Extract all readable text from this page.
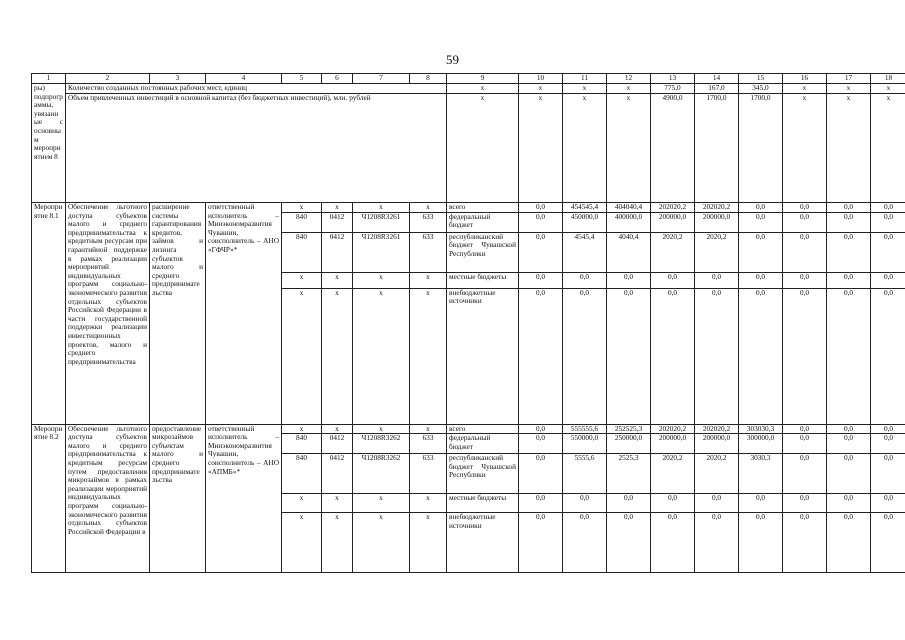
59
1	2	3	4	5	6	7	8	9	10	11	12	13	14	15	16	17	18
ры) подпрограммы, увязанные с основным мероприятием 8	Количество созданных постоянных рабочих мест, единиц							x	x	x	x	775,0	167,0	345,0	x	x	x
	Объем привлеченных инвестиций в основной капитал (без бюджетных инвестиций), млн. рублей							x	x	x	x	4900,0	1700,0	1700,0	x	x	x
Мероприятие 8.1	Обеспечение льготного доступа субъектов малого и среднего предпринимательства к кредитным ресурсам при гарантийной поддержке в рамках реализации мероприятий индивидуальных программ социально-экономического развития отдельных субъектов Российской Федерации в части государственной поддержки реализации инвестиционных проектов, малого и среднего предпринимательства	расширение системы гарантирования кредитов, займов и лизинга субъектов малого и среднего предпринимательства	ответственный исполнитель – Минэкономразвития Чувашии, соисполнитель – АНО «ГФЧР»*	x	x	x	x	всего	0,0	454545,4	404040,4	202020,2	202020,2	0,0	0,0	0,0	0,0
				840	0412	Ч1208R3261	633	федеральный бюджет	0,0	450000,0	400000,0	200000,0	200000,0	0,0	0,0	0,0	0,0
				840	0412	Ч1208R3261	633	республиканский бюджет Чувашской Республики	0,0	4545,4	4040,4	2020,2	2020,2	0,0	0,0	0,0	0,0
				x	x	x	x	местные бюджеты	0,0	0,0	0,0	0,0	0,0	0,0	0,0	0,0	0,0
				x	x	x	x	внебюджетные источники	0,0	0,0	0,0	0,0	0,0	0,0	0,0	0,0	0,0
Мероприятие 8.2	Обеспечение льготного доступа субъектов малого и среднего предпринимательства к кредитным ресурсам путем предоставления микрозаймов в рамках реализации мероприятий индивидуальных программ социально-экономического развития отдельных субъектов Российской Федерации в	предоставление микрозаймов субъектам малого и среднего предпринимательства	ответственный исполнитель – Минэкономразвития Чувашии, соисполнитель – АНО «АПМБ»*	x	x	x	x	всего	0,0	555555,6	252525,3	202020,2	202020,2	303030,3	0,0	0,0	0,0
				840	0412	Ч1208R3262	633	федеральный бюджет	0,0	550000,0	250000,0	200000,0	200000,0	300000,0	0,0	0,0	0,0
				840	0412	Ч1208R3262	633	республиканский бюджет Чувашской Республики	0,0	5555,6	2525,3	2020,2	2020,2	3030,3	0,0	0,0	0,0
				x	x	x	x	местные бюджеты	0,0	0,0	0,0	0,0	0,0	0,0	0,0	0,0	0,0
				x	x	x	x	внебюджетные источники	0,0	0,0	0,0	0,0	0,0	0,0	0,0	0,0	0,0
